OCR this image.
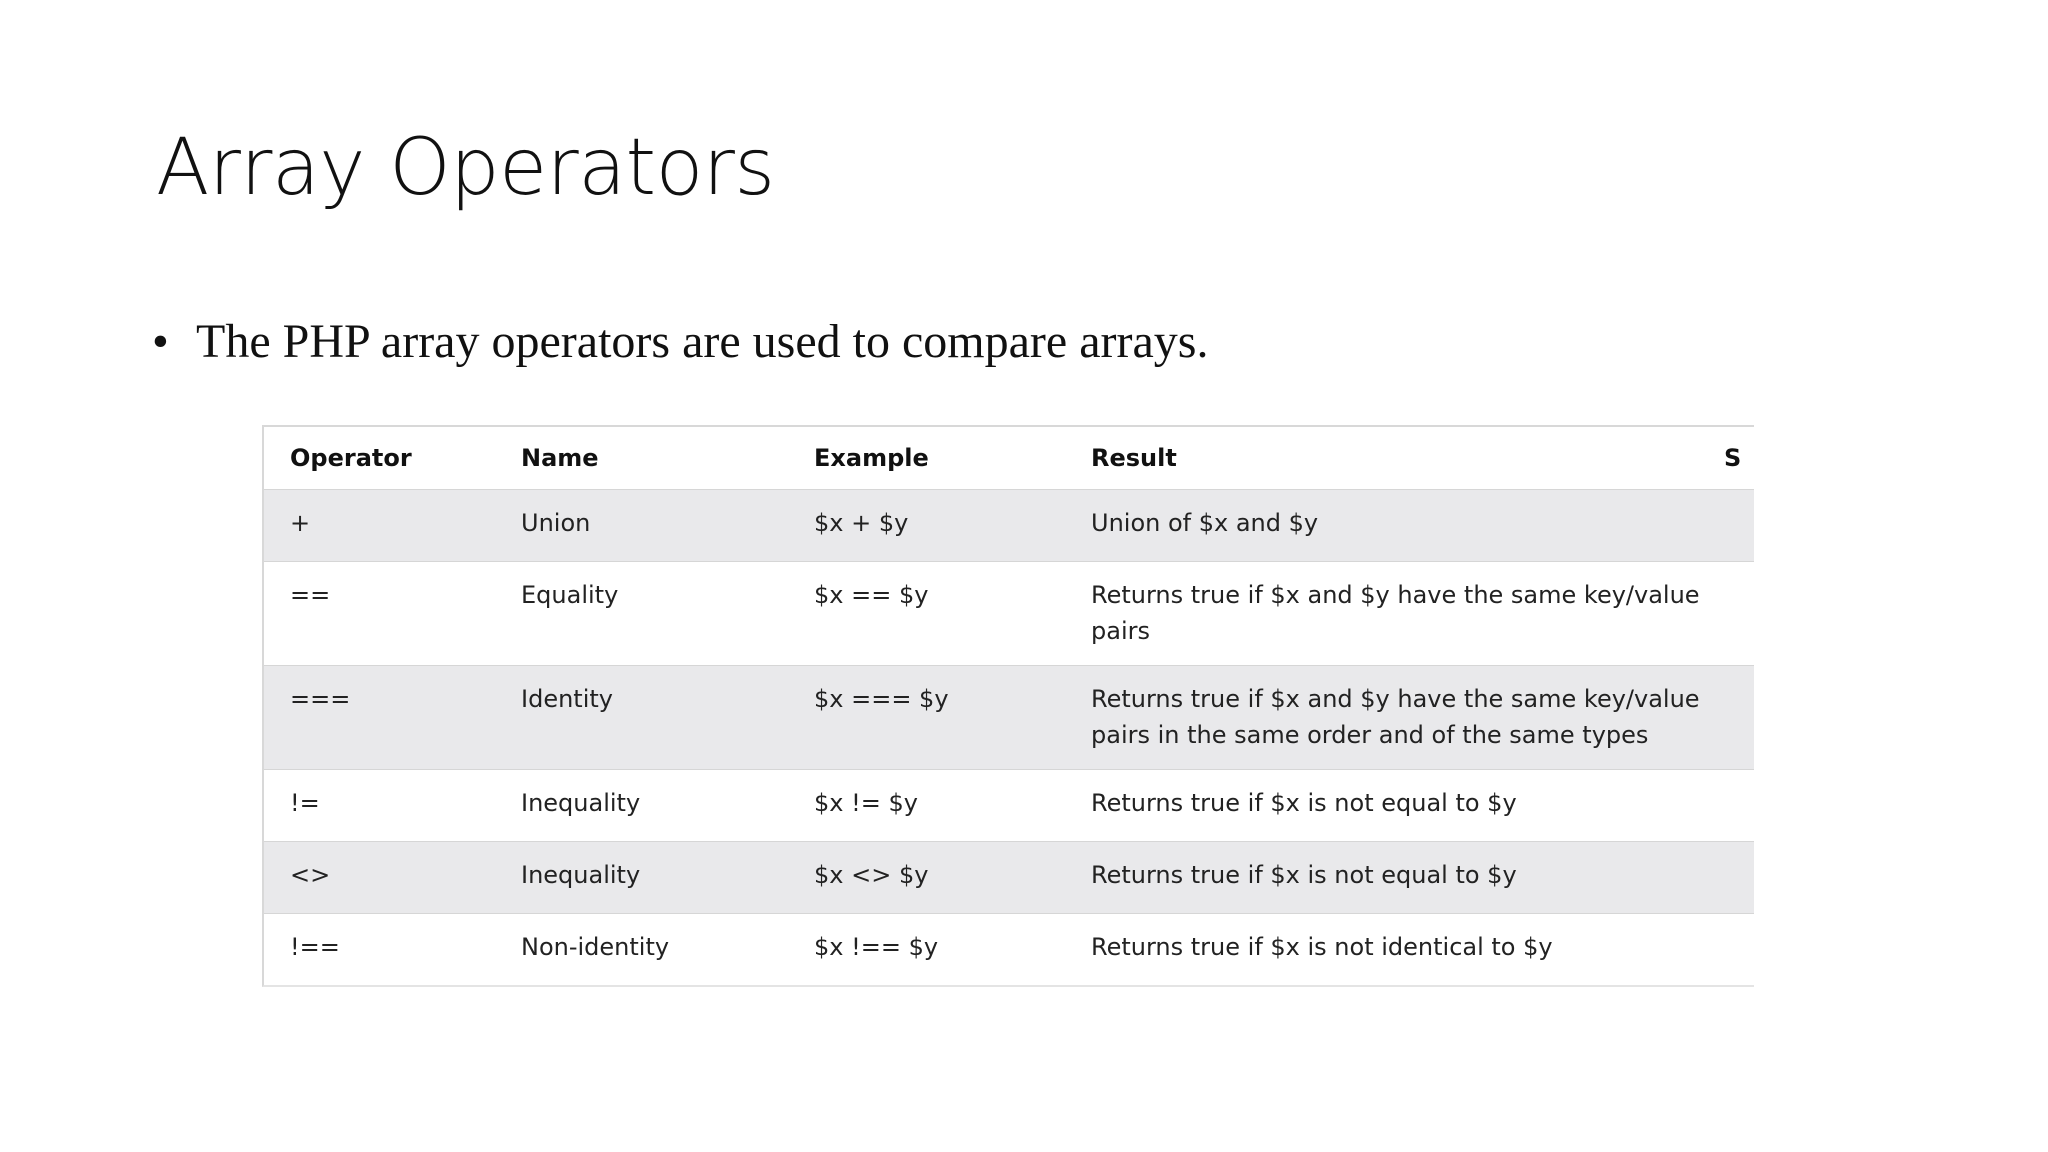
Array Operators
• The PHP array operators are used to compare arrays.
Operator	Name	Example	Result	S
+	Union	$x + $y	Union of $x and $y	
==	Equality	$x == $y	Returns true if $x and $y have the same key/value pairs	
===	Identity	$x === $y	Returns true if $x and $y have the same key/value pairs in the same order and of the same types	
!=	Inequality	$x != $y	Returns true if $x is not equal to $y	
<>	Inequality	$x <> $y	Returns true if $x is not equal to $y	
!==	Non-identity	$x !== $y	Returns true if $x is not identical to $y	
